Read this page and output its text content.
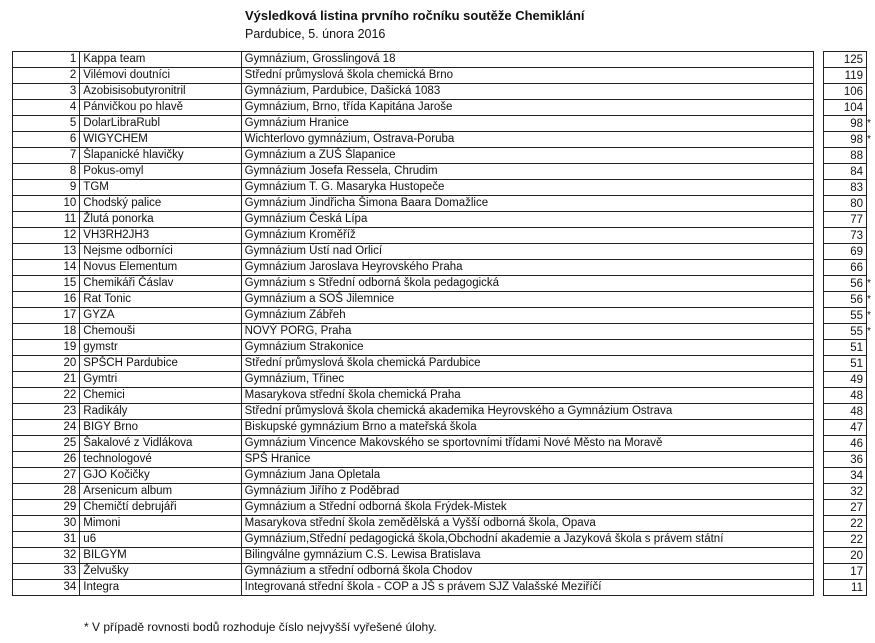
Výsledková listina prvního ročníku soutěže Chemiklání
Pardubice, 5. února 2016
1	Kappa team	Gymnázium, Grosslingová 18		125	
2	Vilémovi doutníci	Střední průmyslová škola chemická Brno		119	
3	Azobisisobutyronitril	Gymnázium, Pardubice, Dašická 1083		106	
4	Pánvičkou po hlavě	Gymnázium, Brno, třída Kapitána Jaroše		104	
5	DolarLibraRubl	Gymnázium Hranice		98	*
6	WIGYCHEM	Wichterlovo gymnázium, Ostrava-Poruba		98	*
7	Šlapanické hlavičky	Gymnázium a ZUŠ Šlapanice		88	
8	Pokus-omyl	Gymnázium Josefa Ressela, Chrudim		84	
9	TGM	Gymnázium T. G. Masaryka Hustopeče		83	
10	Chodský palice	Gymnázium Jindřicha Šimona Baara Domažlice		80	
11	Žlutá ponorka	Gymnázium Česká Lípa		77	
12	VH3RH2JH3	Gymnázium Kroměříž		73	
13	Nejsme odborníci	Gymnázium Ústí nad Orlicí		69	
14	Novus Elementum	Gymnázium Jaroslava Heyrovského Praha		66	
15	Chemikáři Čáslav	Gymnázium s Střední odborná škola pedagogická		56	*
16	Rat Tonic	Gymnázium a SOŠ Jilemnice		56	*
17	GYZA	Gymnázium Zábřeh		55	*
18	Chemouši	NOVÝ PORG, Praha		55	*
19	gymstr	Gymnázium Strakonice		51	
20	SPŠCH Pardubice	Střední průmyslová škola chemická Pardubice		51	
21	Gymtri	Gymnázium, Třinec		49	
22	Chemici	Masarykova střední škola chemická Praha		48	
23	Radikály	Střední průmyslová škola chemická akademika Heyrovského a Gymnázium Ostrava		48	
24	BIGY Brno	Biskupské gymnázium Brno a mateřská škola		47	
25	Šakalové z Vidlákova	Gymnázium Vincence Makovského se sportovními třídami Nové Město na Moravě		46	
26	technologové	SPŠ Hranice		36	
27	GJO Kočičky	Gymnázium Jana Opletala		34	
28	Arsenicum album	Gymnázium Jiřího z Poděbrad		32	
29	Chemičtí debrujáři	Gymnázium a Střední odborná škola Frýdek-Mistek		27	
30	Mimoni	Masarykova střední škola zemědělská a Vyšší odborná škola, Opava		22	
31	u6	Gymnázium,Střední pedagogická škola,Obchodní akademie a Jazyková škola s právem státní		22	
32	BILGYM	Bilingválne gymnázium C.S. Lewisa Bratislava		20	
33	Želvušky	Gymnázium a střední odborná škola Chodov		17	
34	Integra	Integrovaná střední škola - COP a JŠ s právem SJZ Valašské Meziříčí		11	
* V případě rovnosti bodů rozhoduje číslo nejvyšší vyřešené úlohy.
